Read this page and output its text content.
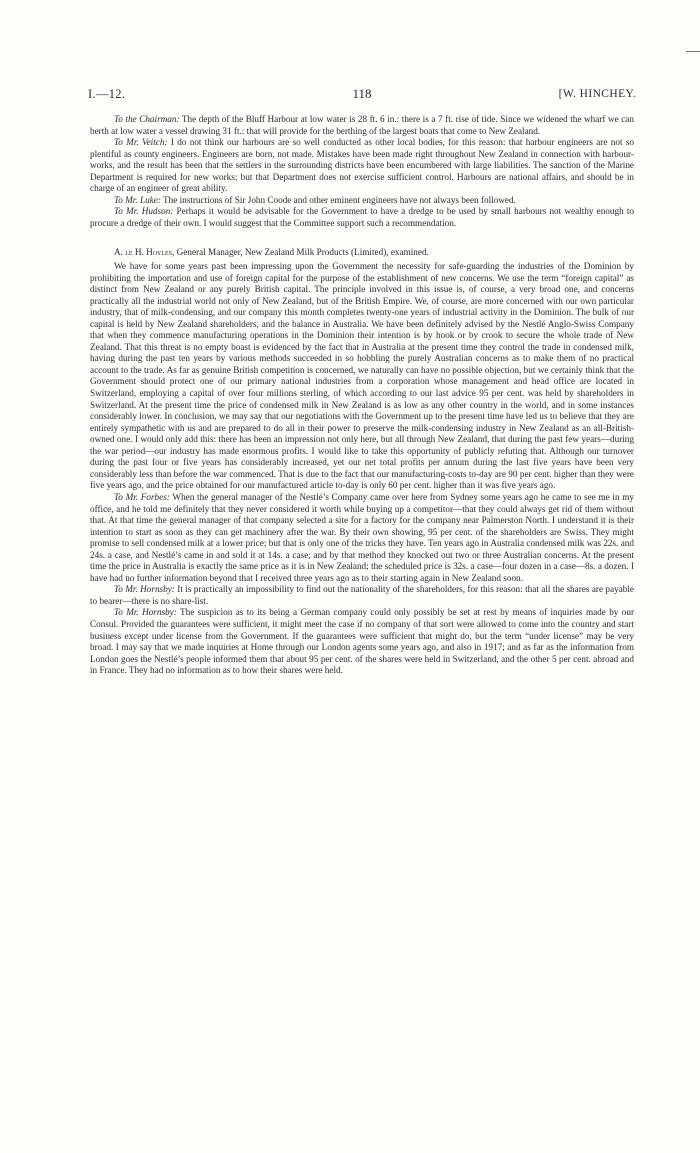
I.—12.	118	[W. HINCHEY.

To the Chairman: The depth of the Bluff Harbour at low water is 28 ft. 6 in.: there is a 7 ft. rise of tide. Since we widened the wharf we can berth at low water a vessel drawing 31 ft.: that will provide for the berthing of the largest boats that come to New Zealand.

To Mr. Veitch: I do not think our harbours are so well conducted as other local bodies, for this reason: that harbour engineers are not so plentiful as county engineers. Engineers are born, not made. Mistakes have been made right throughout New Zealand in connection with harbour-works, and the result has been that the settlers in the surrounding districts have been encumbered with large liabilities. The sanction of the Marine Department is required for new works; but that Department does not exercise sufficient control. Harbours are national affairs, and should be in charge of an engineer of great ability.

To Mr. Luke: The instructions of Sir John Coode and other eminent engineers have not always been followed.

To Mr. Hudson: Perhaps it would be advisable for the Government to have a dredge to be used by small harbours not wealthy enough to procure a dredge of their own. I would suggest that the Committee support such a recommendation.

A. le H. Hoyles, General Manager, New Zealand Milk Products (Limited), examined.

We have for some years past been impressing upon the Government the necessity for safe-guarding the industries of the Dominion by prohibiting the importation and use of foreign capital for the purpose of the establishment of new concerns. We use the term “foreign capital” as distinct from New Zealand or any purely British capital. The principle involved in this issue is, of course, a very broad one, and concerns practically all the industrial world not only of New Zealand, but of the British Empire. We, of course, are more concerned with our own particular industry, that of milk-condensing, and our company this month completes twenty-one years of industrial activity in the Dominion. The bulk of our capital is held by New Zealand shareholders, and the balance in Australia. We have been definitely advised by the Nestlé Anglo-Swiss Company that when they commence manufacturing operations in the Dominion their intention is by hook or by crook to secure the whole trade of New Zealand. That this threat is no empty boast is evidenced by the fact that in Australia at the present time they control the trade in condensed milk, having during the past ten years by various methods succeeded in so hobbling the purely Australian concerns as to make them of no practical account to the trade. As far as genuine British competition is concerned, we naturally can have no possible objection, but we certainly think that the Government should protect one of our primary national industries from a corporation whose management and head office are located in Switzerland, employing a capital of over four millions sterling, of which according to our last advice 95 per cent. was held by shareholders in Switzerland. At the present time the price of condensed milk in New Zealand is as low as any other country in the world, and in some instances considerably lower. In conclusion, we may say that our negotiations with the Government up to the present time have led us to believe that they are entirely sympathetic with us and are prepared to do all in their power to preserve the milk-condensing industry in New Zealand as an all-British-owned one. I would only add this: there has been an impression not only here, but all through New Zealand, that during the past few years—during the war period—our industry has made enormous profits. I would like to take this opportunity of publicly refuting that. Although our turnover during the past four or five years has considerably increased, yet our net total profits per annum during the last five years have been very considerably less than before the war commenced. That is due to the fact that our manufacturing-costs to-day are 90 per cent. higher than they were five years ago, and the price obtained for our manufactured article to-day is only 60 per cent. higher than it was five years ago.

To Mr. Forbes: When the general manager of the Nestlé’s Company came over here from Sydney some years ago he came to see me in my office, and he told me definitely that they never considered it worth while buying up a competitor—that they could always get rid of them without that. At that time the general manager of that company selected a site for a factory for the company near Palmerston North. I understand it is their intention to start as soon as they can get machinery after the war. By their own showing, 95 per cent. of the shareholders are Swiss. They might promise to sell condensed milk at a lower price; but that is only one of the tricks they have. Ten years ago in Australia condensed milk was 22s. and 24s. a case, and Nestlé’s came in and sold it at 14s. a case; and by that method they knocked out two or three Australian concerns. At the present time the price in Australia is exactly the same price as it is in New Zealand; the scheduled price is 32s. a case—four dozen in a case—8s. a dozen. I have had no further information beyond that I received three years ago as to their starting again in New Zealand soon.

To Mr. Hornsby: It is practically an impossibility to find out the nationality of the shareholders, for this reason: that all the shares are payable to bearer—there is no share-list.

To Mr. Hornsby: The suspicion as to its being a German company could only possibly be set at rest by means of inquiries made by our Consul. Provided the guarantees were sufficient, it might meet the case if no company of that sort were allowed to come into the country and start business except under license from the Government. If the guarantees were sufficient that might do, but the term “under license” may be very broad. I may say that we made inquiries at Home through our London agents some years ago, and also in 1917; and as far as the information from London goes the Nestlé’s people informed them that about 95 per cent. of the shares were held in Switzerland, and the other 5 per cent. abroad and in France. They had no information as to how their shares were held.
